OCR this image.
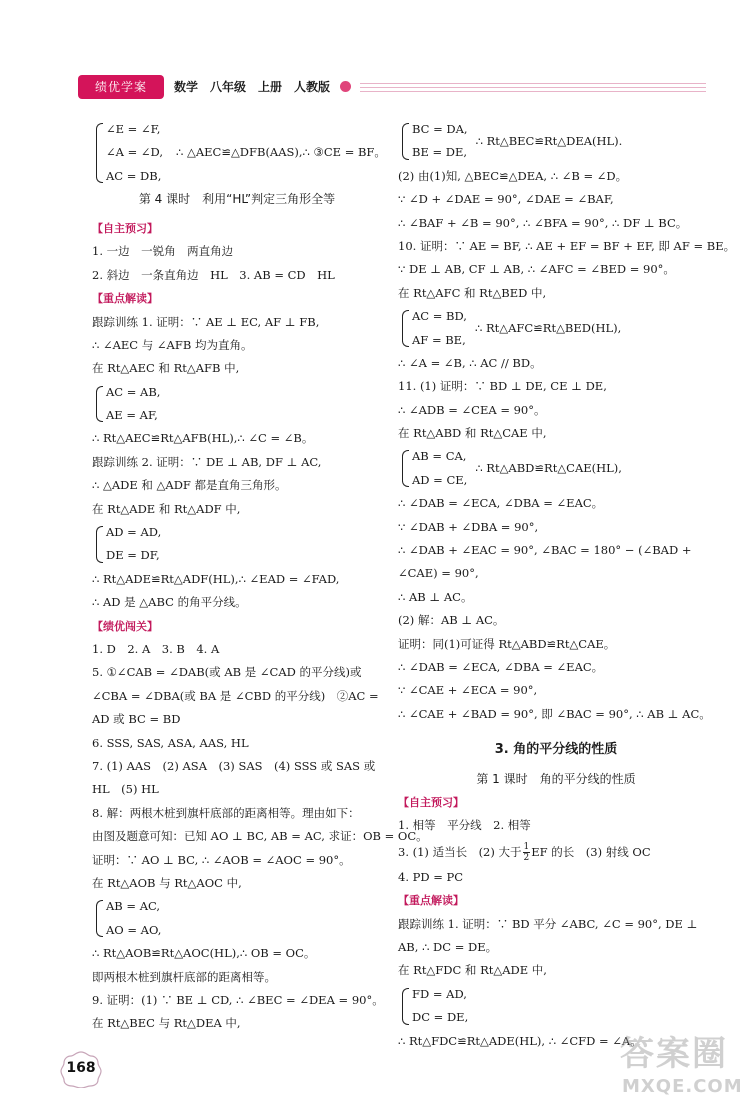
绩优学案	数学　八年级　上册　人教版
∠E = ∠F,
∠A = ∠D,
AC = DB,
∴ △AEC≌△DFB(AAS),∴ ③CE = BF。
第 4 课时　利用“HL”判定三角形全等
【自主预习】
1. 一边　一锐角　两直角边
2. 斜边　一条直角边　HL　3. AB = CD　HL
【重点解读】
跟踪训练 1. 证明：∵ AE ⊥ EC, AF ⊥ FB,
∴ ∠AEC 与 ∠AFB 均为直角。
在 Rt△AEC 和 Rt△AFB 中,
AC = AB,
AE = AF,
∴ Rt△AEC≌Rt△AFB(HL),∴ ∠C = ∠B。
跟踪训练 2. 证明：∵ DE ⊥ AB, DF ⊥ AC,
∴ △ADE 和 △ADF 都是直角三角形。
在 Rt△ADE 和 Rt△ADF 中,
AD = AD,
DE = DF,
∴ Rt△ADE≌Rt△ADF(HL),∴ ∠EAD = ∠FAD,
∴ AD 是 △ABC 的角平分线。
【绩优闯关】
1. D　2. A　3. B　4. A
5. ①∠CAB = ∠DAB(或 AB 是 ∠CAD 的平分线)或 ∠CBA = ∠DBA(或 BA 是 ∠CBD 的平分线)　②AC = AD 或 BC = BD
6. SSS, SAS, ASA, AAS, HL
7. (1) AAS　(2) ASA　(3) SAS　(4) SSS 或 SAS 或 HL　(5) HL
8. 解：两根木桩到旗杆底部的距离相等。理由如下：
由图及题意可知：已知 AO ⊥ BC, AB = AC, 求证：OB = OC。
证明：∵ AO ⊥ BC, ∴ ∠AOB = ∠AOC = 90°。
在 Rt△AOB 与 Rt△AOC 中,
AB = AC,
AO = AO,
∴ Rt△AOB≌Rt△AOC(HL),∴ OB = OC。
即两根木桩到旗杆底部的距离相等。
9. 证明：(1) ∵ BE ⊥ CD, ∴ ∠BEC = ∠DEA = 90°。
在 Rt△BEC 与 Rt△DEA 中,
BC = DA,
BE = DE,
∴ Rt△BEC≌Rt△DEA(HL).
(2) 由(1)知, △BEC≌△DEA, ∴ ∠B = ∠D。
∵ ∠D + ∠DAE = 90°, ∠DAE = ∠BAF,
∴ ∠BAF + ∠B = 90°, ∴ ∠BFA = 90°, ∴ DF ⊥ BC。
10. 证明：∵ AE = BF, ∴ AE + EF = BF + EF, 即 AF = BE。
∵ DE ⊥ AB, CF ⊥ AB, ∴ ∠AFC = ∠BED = 90°。
在 Rt△AFC 和 Rt△BED 中,
AC = BD,
AF = BE,
∴ Rt△AFC≌Rt△BED(HL),
∴ ∠A = ∠B, ∴ AC // BD。
11. (1) 证明：∵ BD ⊥ DE, CE ⊥ DE,
∴ ∠ADB = ∠CEA = 90°。
在 Rt△ABD 和 Rt△CAE 中,
AB = CA,
AD = CE,
∴ Rt△ABD≌Rt△CAE(HL),
∴ ∠DAB = ∠ECA, ∠DBA = ∠EAC。
∵ ∠DAB + ∠DBA = 90°,
∴ ∠DAB + ∠EAC = 90°, ∠BAC = 180° − (∠BAD + ∠CAE) = 90°,
∴ AB ⊥ AC。
(2) 解：AB ⊥ AC。
证明：同(1)可证得 Rt△ABD≌Rt△CAE。
∴ ∠DAB = ∠ECA, ∠DBA = ∠EAC。
∵ ∠CAE + ∠ECA = 90°,
∴ ∠CAE + ∠BAD = 90°, 即 ∠BAC = 90°, ∴ AB ⊥ AC。
3. 角的平分线的性质
第 1 课时　角的平分线的性质
【自主预习】
1. 相等　平分线　2. 相等
3. (1) 适当长　(2) 大于 $\frac{1}{2}$ EF 的长　(3) 射线 OC
4. PD = PC
【重点解读】
跟踪训练 1. 证明：∵ BD 平分 ∠ABC, ∠C = 90°, DE ⊥ AB, ∴ DC = DE。
在 Rt△FDC 和 Rt△ADE 中,
FD = AD,
DC = DE,
∴ Rt△FDC≌Rt△ADE(HL), ∴ ∠CFD = ∠A。
168	答案圈
MXQE.COM
